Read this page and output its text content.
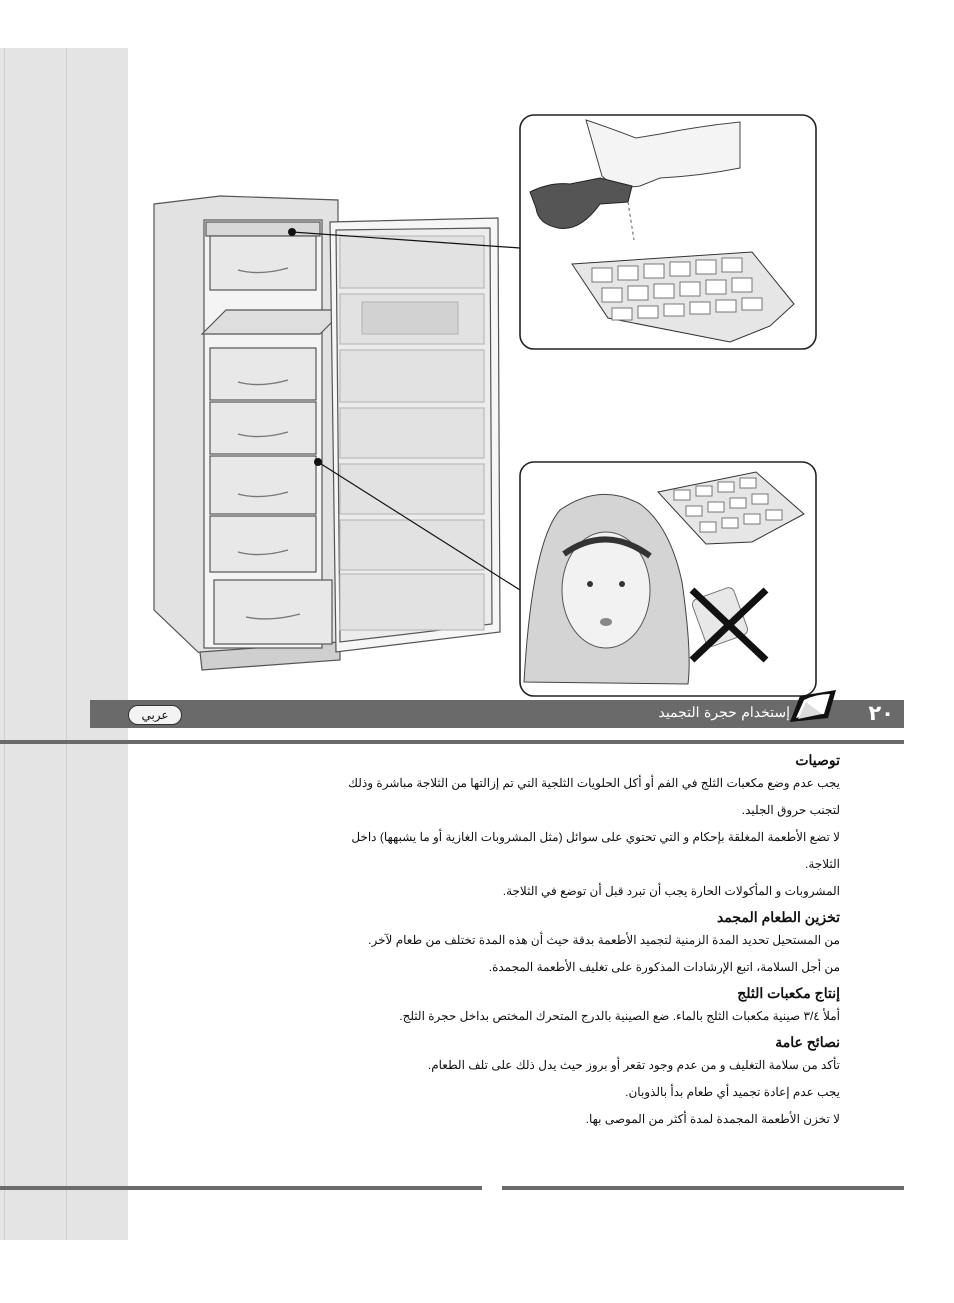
عربي	إستخدام حجرة التجميد	٢٠
توصيات

يجب عدم وضع مكعبات الثلج في الفم أو أكل الحلويات الثلجية التي تم إزالتها من الثلاجة مباشرة وذلك

لتجنب حروق الجليد.

لا تضع الأطعمة المغلقة بإحكام و التي تحتوي على سوائل (مثل المشروبات الغازية أو ما يشبهها) داخل

الثلاجة.

المشروبات و المأكولات الحارة يجب أن تبرد قبل أن توضع في الثلاجة.

تخزين الطعام المجمد

من المستحيل تحديد المدة الزمنية لتجميد الأطعمة بدقة حيث أن هذه المدة تختلف من طعام لآخر.

من أجل السلامة، اتبع الإرشادات المذكورة على تغليف الأطعمة المجمدة.

إنتاج مكعبات الثلج

أملأ ٣/٤ صينية مكعبات الثلج بالماء. ضع الصينية بالدرج المتحرك المختص بداخل حجرة الثلج.

نصائح عامة

تأكد من سلامة التغليف و من عدم وجود تقعر أو بروز حيث يدل ذلك على تلف الطعام.

يجب عدم إعادة تجميد أي طعام بدأ بالذوبان.

لا تخزن الأطعمة المجمدة لمدة أكثر من الموصى بها.
